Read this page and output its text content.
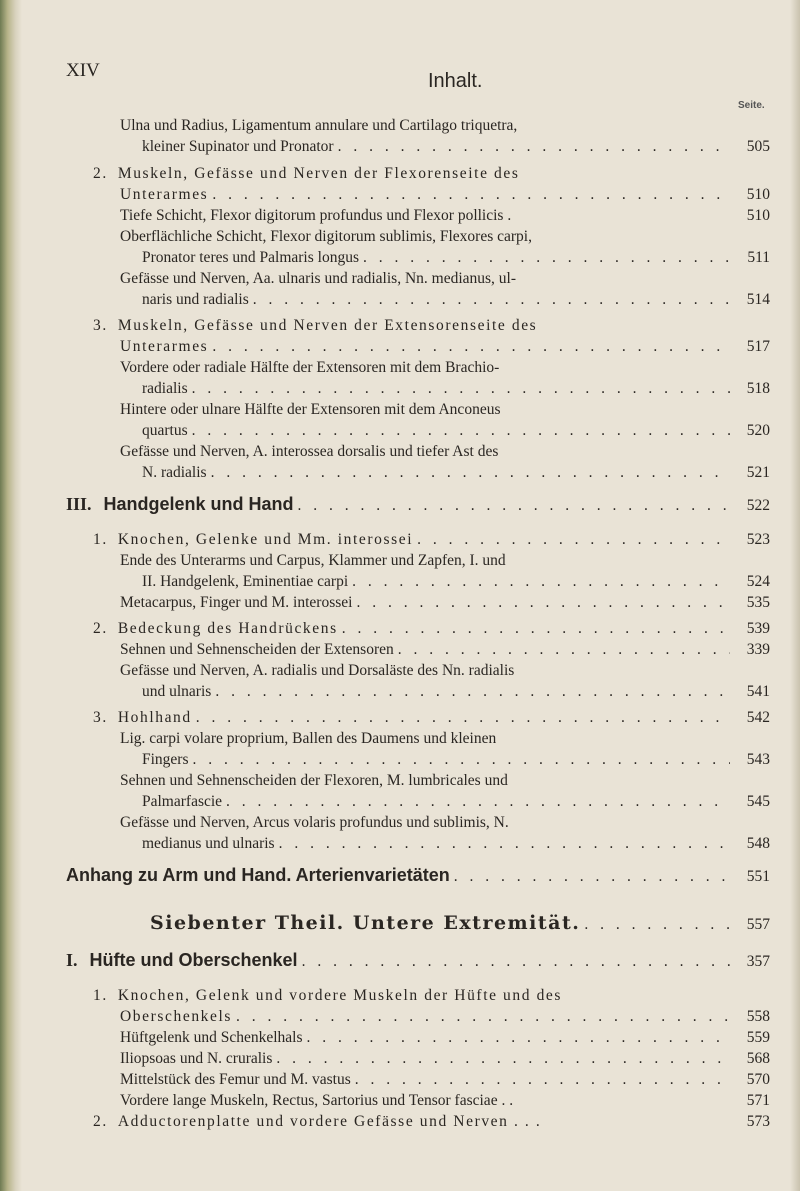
XIV	Inhalt.
Seite.
Ulna und Radius, Ligamentum annulare und Cartilago triquetra,
kleiner Supinator und Pronator . . .	505
2. Muskeln, Gefässe und Nerven der Flexorenseite des
Unterarmes . . .	510
Tiefe Schicht, Flexor digitorum profundus und Flexor pollicis .	510
Oberflächliche Schicht, Flexor digitorum sublimis, Flexores carpi,
Pronator teres und Palmaris longus . . .	511
Gefässe und Nerven, Aa. ulnaris und radialis, Nn. medianus, ul-
naris und radialis . . .	514
3. Muskeln, Gefässe und Nerven der Extensorenseite des
Unterarmes . . .	517
Vordere oder radiale Hälfte der Extensoren mit dem Brachio-
radialis . . .	518
Hintere oder ulnare Hälfte der Extensoren mit dem Anconeus
quartus . . .	520
Gefässe und Nerven, A. interossea dorsalis und tiefer Ast des
N. radialis . . .	521
III. Handgelenk und Hand . . .	522
1. Knochen, Gelenke und Mm. interossei . . .	523
Ende des Unterarms und Carpus, Klammer und Zapfen, I. und
II. Handgelenk, Eminentiae carpi . . .	524
Metacarpus, Finger und M. interossei . . .	535
2. Bedeckung des Handrückens . . .	539
Sehnen und Sehnenscheiden der Extensoren . . .	339
Gefässe und Nerven, A. radialis und Dorsaläste des Nn. radialis
und ulnaris . . .	541
3. Hohlhand . . .	542
Lig. carpi volare proprium, Ballen des Daumens und kleinen
Fingers . . .	543
Sehnen und Sehnenscheiden der Flexoren, M. lumbricales und
Palmarfascie . . .	545
Gefässe und Nerven, Arcus volaris profundus und sublimis, N.
medianus und ulnaris . . .	548
Anhang zu Arm und Hand. Arterienvarietäten . . .	551
Siebenter Theil. Untere Extremität. . . .	557
I. Hüfte und Oberschenkel . . .	357
1. Knochen, Gelenk und vordere Muskeln der Hüfte und des
Oberschenkels . . .	558
Hüftgelenk und Schenkelhals . . .	559
Iliopsoas und N. cruralis . . .	568
Mittelstück des Femur und M. vastus . . .	570
Vordere lange Muskeln, Rectus, Sartorius und Tensor fasciae . .	571
2. Adductorenplatte und vordere Gefässe und Nerven . . .	573
